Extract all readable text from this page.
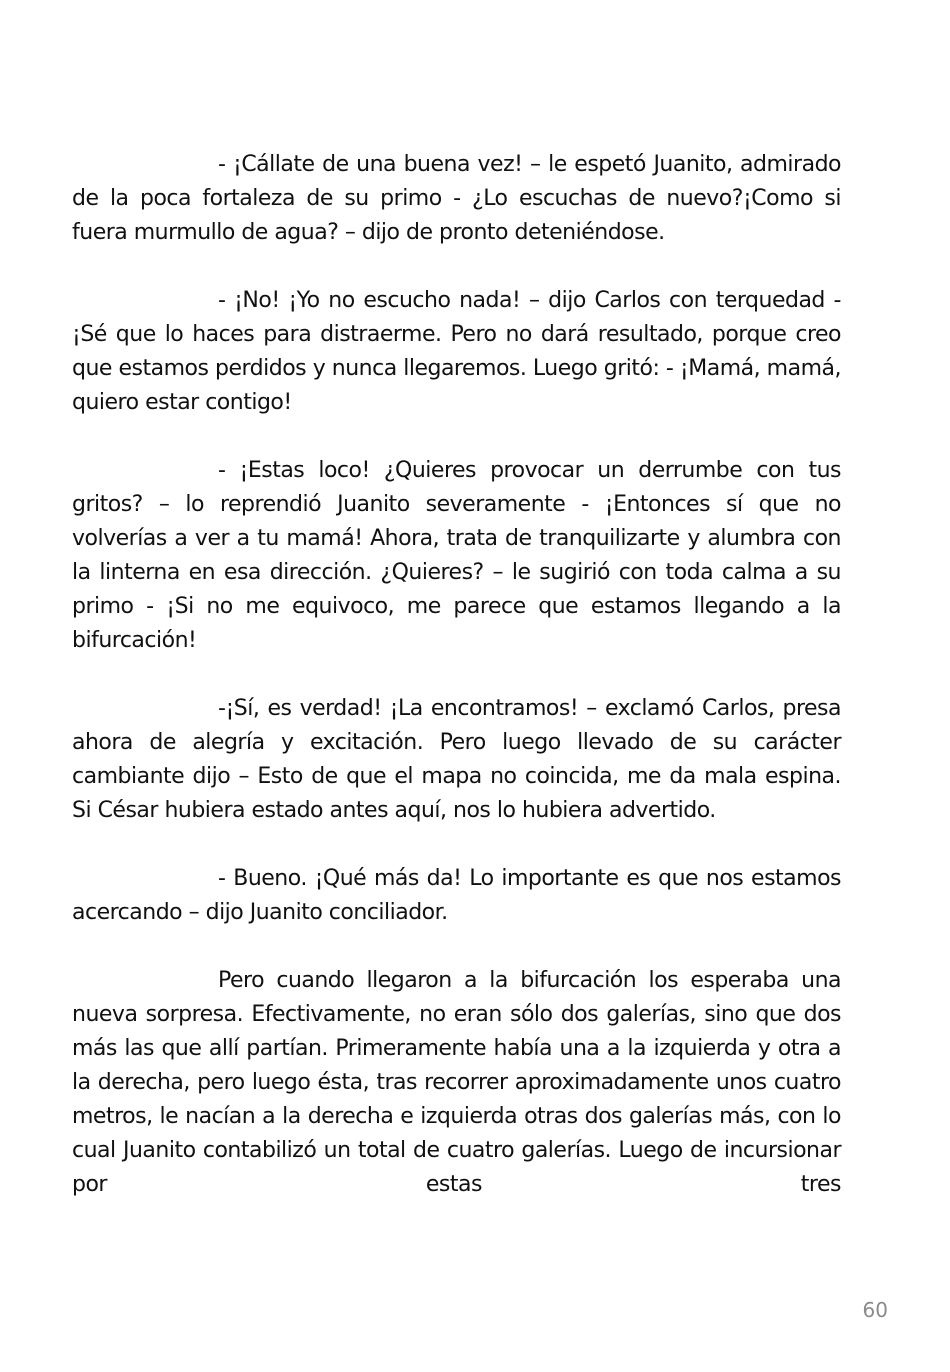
- ¡Cállate de una buena vez! – le espetó Juanito, admirado de la poca fortaleza de su primo - ¿Lo escuchas de nuevo?¡Como si fuera murmullo de agua? – dijo de pronto deteniéndose.

- ¡No! ¡Yo no escucho nada! – dijo Carlos con terquedad - ¡Sé que lo haces para distraerme. Pero no dará resultado, porque creo que estamos perdidos y nunca llegaremos. Luego gritó: - ¡Mamá, mamá, quiero estar contigo!

- ¡Estas loco! ¿Quieres provocar un derrumbe con tus gritos? – lo reprendió Juanito severamente - ¡Entonces sí que no volverías a ver a tu mamá! Ahora, trata de tranquilizarte y alumbra con la linterna en esa dirección. ¿Quieres? – le sugirió con toda calma a su primo - ¡Si no me equivoco, me parece que estamos llegando a la bifurcación!

-¡Sí, es verdad! ¡La encontramos! – exclamó Carlos, presa ahora de alegría y excitación. Pero luego llevado de su carácter cambiante dijo – Esto de que el mapa no coincida, me da mala espina. Si César hubiera estado antes aquí, nos lo hubiera advertido.

- Bueno. ¡Qué más da! Lo importante es que nos estamos acercando – dijo Juanito conciliador.

Pero cuando llegaron a la bifurcación los esperaba una nueva sorpresa. Efectivamente, no eran sólo dos galerías, sino que dos más las que allí partían. Primeramente había una a la izquierda y otra a la derecha, pero luego ésta, tras recorrer aproximadamente unos cuatro metros, le nacían a la derecha e izquierda otras dos galerías más, con lo cual Juanito contabilizó un total de cuatro galerías. Luego de incursionar por estas tres

60
